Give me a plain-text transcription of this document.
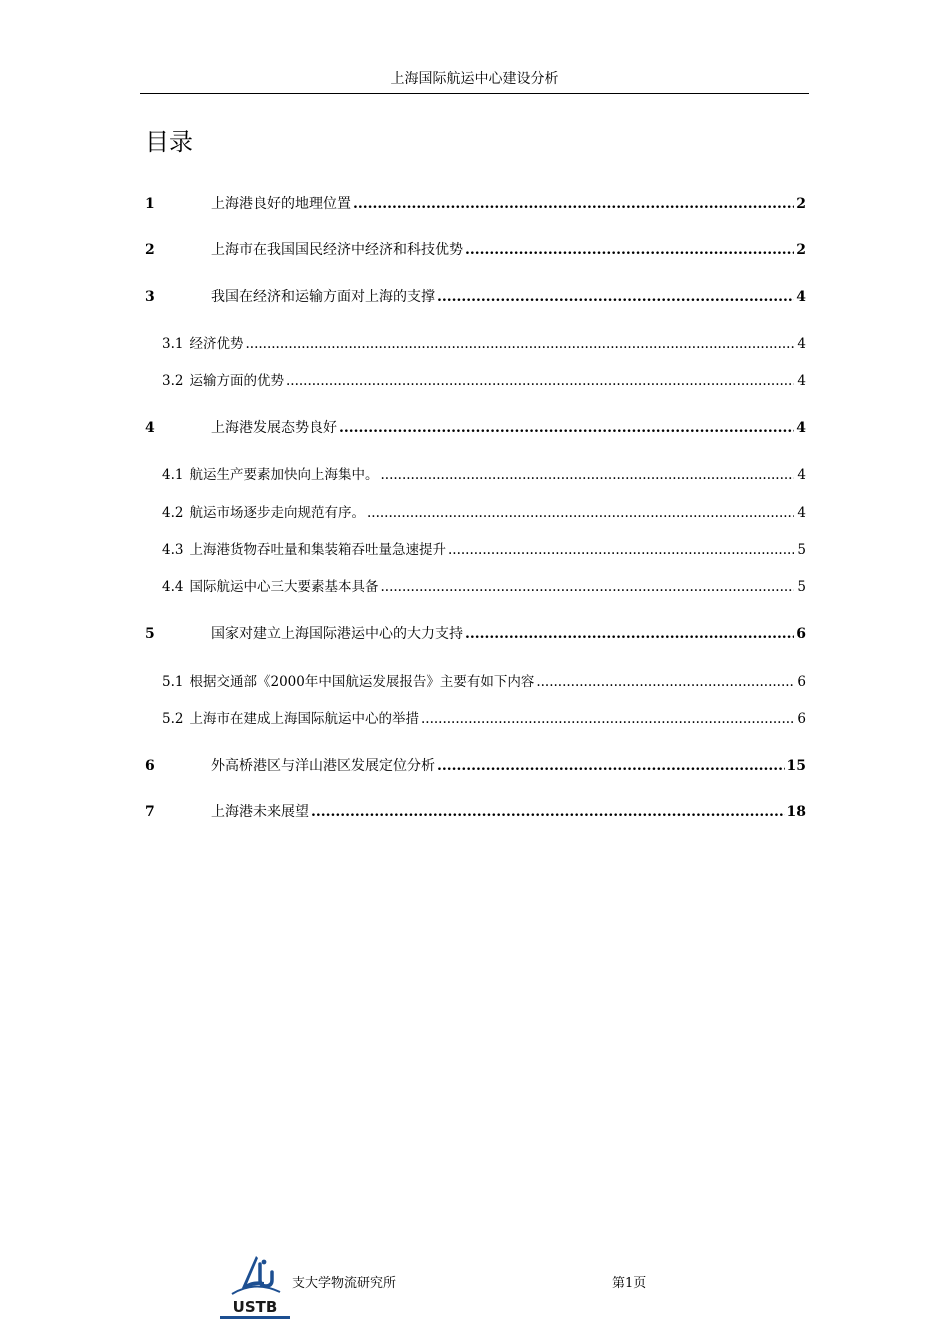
上海国际航运中心建设分析
目录
1	上海港良好的地理位置 .....	2
2	上海市在我国国民经济中经济和科技优势 .....	2
3	我国在经济和运输方面对上海的支撑 .....	4
3.1 经济优势 .....	4
3.2 运输方面的优势 .....	4
4	上海港发展态势良好 .....	4
4.1 航运生产要素加快向上海集中。 .....	4
4.2 航运市场逐步走向规范有序。 .....	4
4.3 上海港货物吞吐量和集装箱吞吐量急速提升 .....	5
4.4 国际航运中心三大要素基本具备 .....	5
5	国家对建立上海国际港运中心的大力支持 .....	6
5.1 根据交通部《2000年中国航运发展报告》主要有如下内容 .....	6
5.2 上海市在建成上海国际航运中心的举措 .....	6
6	外高桥港区与洋山港区发展定位分析 .....	15
7	上海港未来展望 .....	18
USTB
支大学物流研究所	第1页
